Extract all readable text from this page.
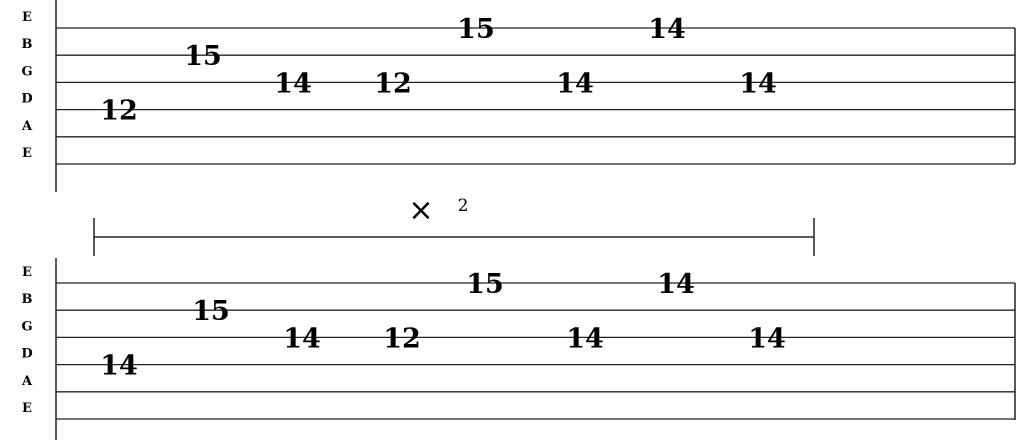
E
B
G
D
A
E
12
15
14 12
15
14
14
14
× 2
E
B
G
D
A
E
14
15
14 12
15
14
14
14
